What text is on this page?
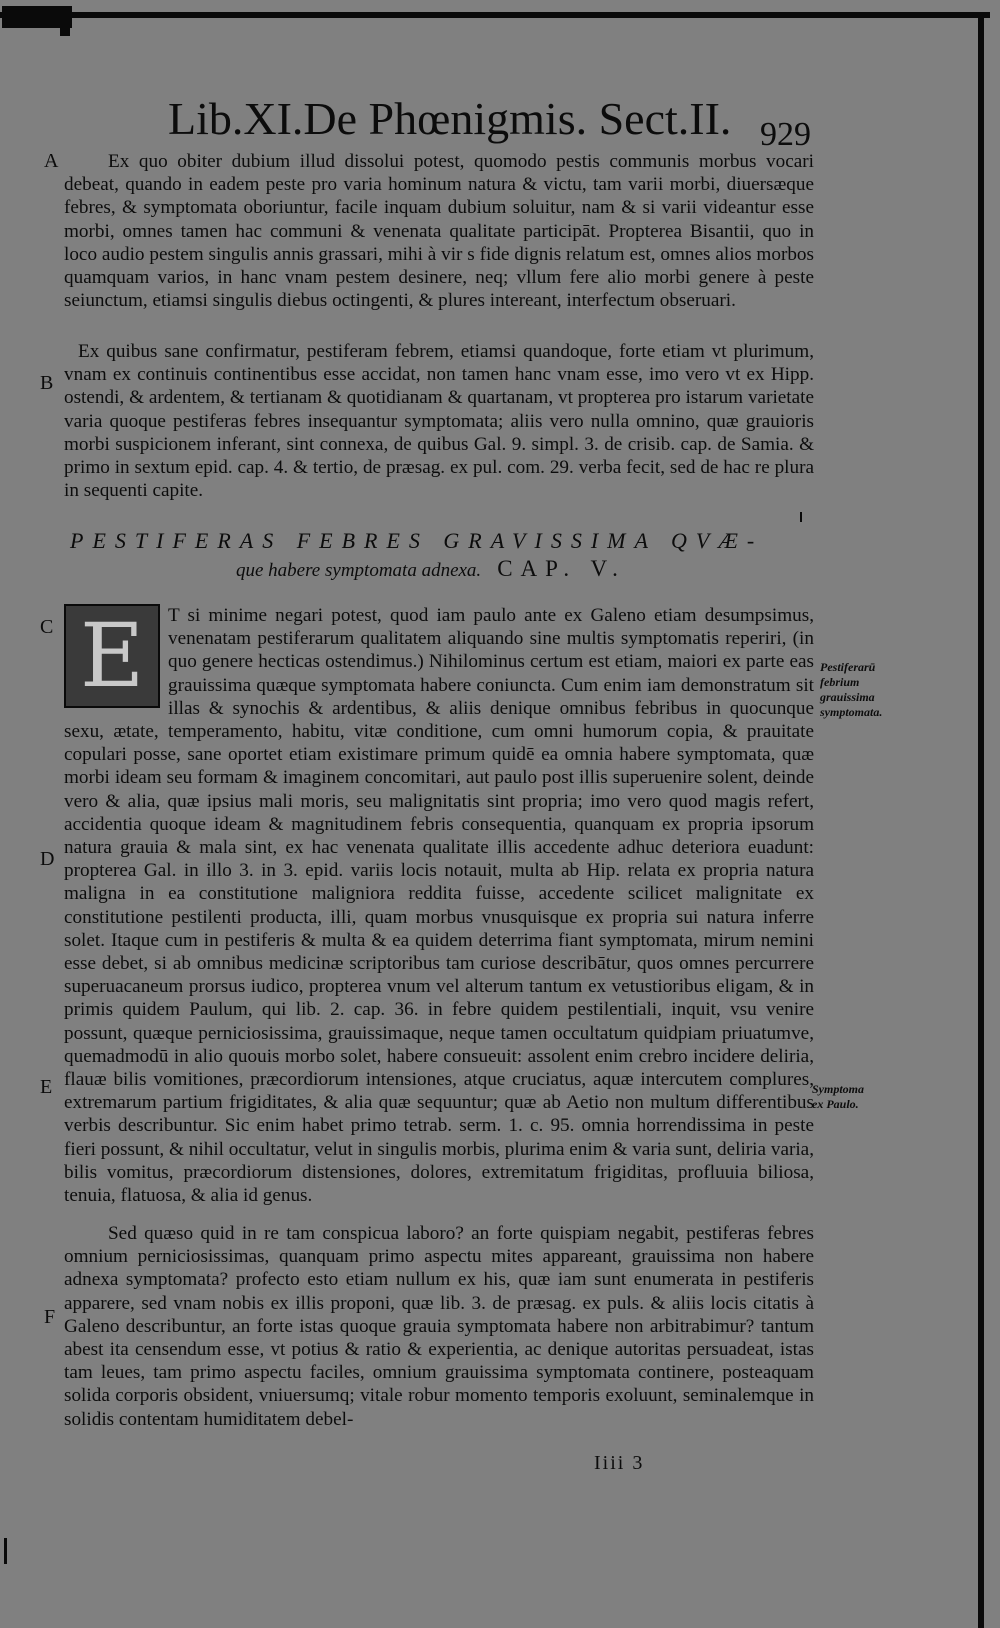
Lib.XI.De Phœnigmis. Sect.II. 929
A
B
C
D
E
F

Ex quo obiter dubium illud dissolui potest, quomodo pestis communis morbus vocari debeat, quando in eadem peste pro varia hominum natura & victu, tam varii morbi, diuersæque febres, & symptomata oboriuntur, facile inquam dubium soluitur, nam & si varii videantur esse morbi, omnes tamen hac communi & venenata qualitate participāt. Propterea Bisantii, quo in loco audio pestem singulis annis grassari, mihi à vir s fide dignis relatum est, omnes alios morbos quamquam varios, in hanc vnam pestem desinere, neq; vllum fere alio morbi genere à peste seiunctum, etiamsi singulis diebus octingenti, & plures intereant, interfectum obseruari.

Ex quibus sane confirmatur, pestiferam febrem, etiamsi quandoque, forte etiam vt plurimum, vnam ex continuis continentibus esse accidat, non tamen hanc vnam esse, imo vero vt ex Hipp. ostendi, & ardentem, & tertianam & quotidianam & quartanam, vt propterea pro istarum varietate varia quoque pestiferas febres insequantur symptomata; aliis vero nulla omnino, quæ grauioris morbi suspicionem inferant, sint connexa, de quibus Gal. 9. simpl. 3. de crisib. cap. de Samia. & primo in sextum epid. cap. 4. & tertio, de præsag. ex pul. com. 29. verba fecit, sed de hac re plura in sequenti capite.

PESTIFERAS FEBRES GRAVISSIMA QVÆ-
que habere symptomata adnexa. CAP. V.
E	T si minime negari potest, quod iam paulo ante ex Galeno etiam desumpsimus, venenatam pestiferarum qualitatem aliquando sine multis symptomatis reperiri, (in quo genere hecticas ostendimus.) Nihilominus certum est etiam, maiori ex parte eas grauissima quæque symptomata habere coniuncta. Cum enim iam demonstratum sit illas & synochis & ardentibus, & aliis denique omnibus febribus in quocunque sexu, ætate, temperamento, habitu, vitæ conditione, cum omni humorum copia, & prauitate copulari posse, sane oportet etiam existimare primum quidē ea omnia habere symptomata, quæ morbi ideam seu formam & imaginem concomitari, aut paulo post illis superuenire solent, deinde vero & alia, quæ ipsius mali moris, seu malignitatis sint propria; imo vero quod magis refert, accidentia quoque ideam & magnitudinem febris consequentia, quanquam ex propria ipsorum natura grauia & mala sint, ex hac venenata qualitate illis accedente adhuc deteriora euadunt: propterea Gal. in illo 3. in 3. epid. variis locis notauit, multa ab Hip. relata ex propria natura maligna in ea constitutione maligniora reddita fuisse, accedente scilicet malignitate ex constitutione pestilenti producta, illi, quam morbus vnusquisque ex propria sui natura inferre solet. Itaque cum in pestiferis & multa & ea quidem deterrima fiant symptomata, mirum nemini esse debet, si ab omnibus medicinæ scriptoribus tam curiose describātur, quos omnes percurrere superuacaneum prorsus iudico, propterea vnum vel alterum tantum ex vetustioribus eligam, & in primis quidem Paulum, qui lib. 2. cap. 36. in febre quidem pestilentiali, inquit, vsu venire possunt, quæque perniciosissima, grauissimaque, neque tamen occultatum quidpiam priuatumve, quemadmodū in alio quouis morbo solet, habere consueuit: assolent enim crebro incidere deliria, flauæ bilis vomitiones, præcordiorum intensiones, atque cruciatus, aquæ intercutem complures, extremarum partium frigiditates, & alia quæ sequuntur; quæ ab Aetio non multum differentibus verbis describuntur. Sic enim habet primo tetrab. serm. 1. c. 95. omnia horrendissima in peste fieri possunt, & nihil occultatur, velut in singulis morbis, plurima enim & varia sunt, deliria varia, bilis vomitus, præcordiorum distensiones, dolores, extremitatum frigiditas, profluuia biliosa, tenuia, flatuosa, & alia id genus.

Sed quæso quid in re tam conspicua laboro? an forte quispiam negabit, pestiferas febres omnium perniciosissimas, quanquam primo aspectu mites appareant, grauissima non habere adnexa symptomata? profecto esto etiam nullum ex his, quæ iam sunt enumerata in pestiferis apparere, sed vnam nobis ex illis proponi, quæ lib. 3. de præsag. ex puls. & aliis locis citatis à Galeno describuntur, an forte istas quoque grauia symptomata habere non arbitrabimur? tantum abest ita censendum esse, vt potius & ratio & experientia, ac denique autoritas persuadeat, istas tam leues, tam primo aspectu faciles, omnium grauissima symptomata continere, posteaquam solida corporis obsident, vniuersumq; vitale robur momento temporis exoluunt, seminalemque in solidis contentam humiditatem debel-

Pestiferarū febrium grauissima symptomata.
Symptoma ex Paulo.
Iiii 3
